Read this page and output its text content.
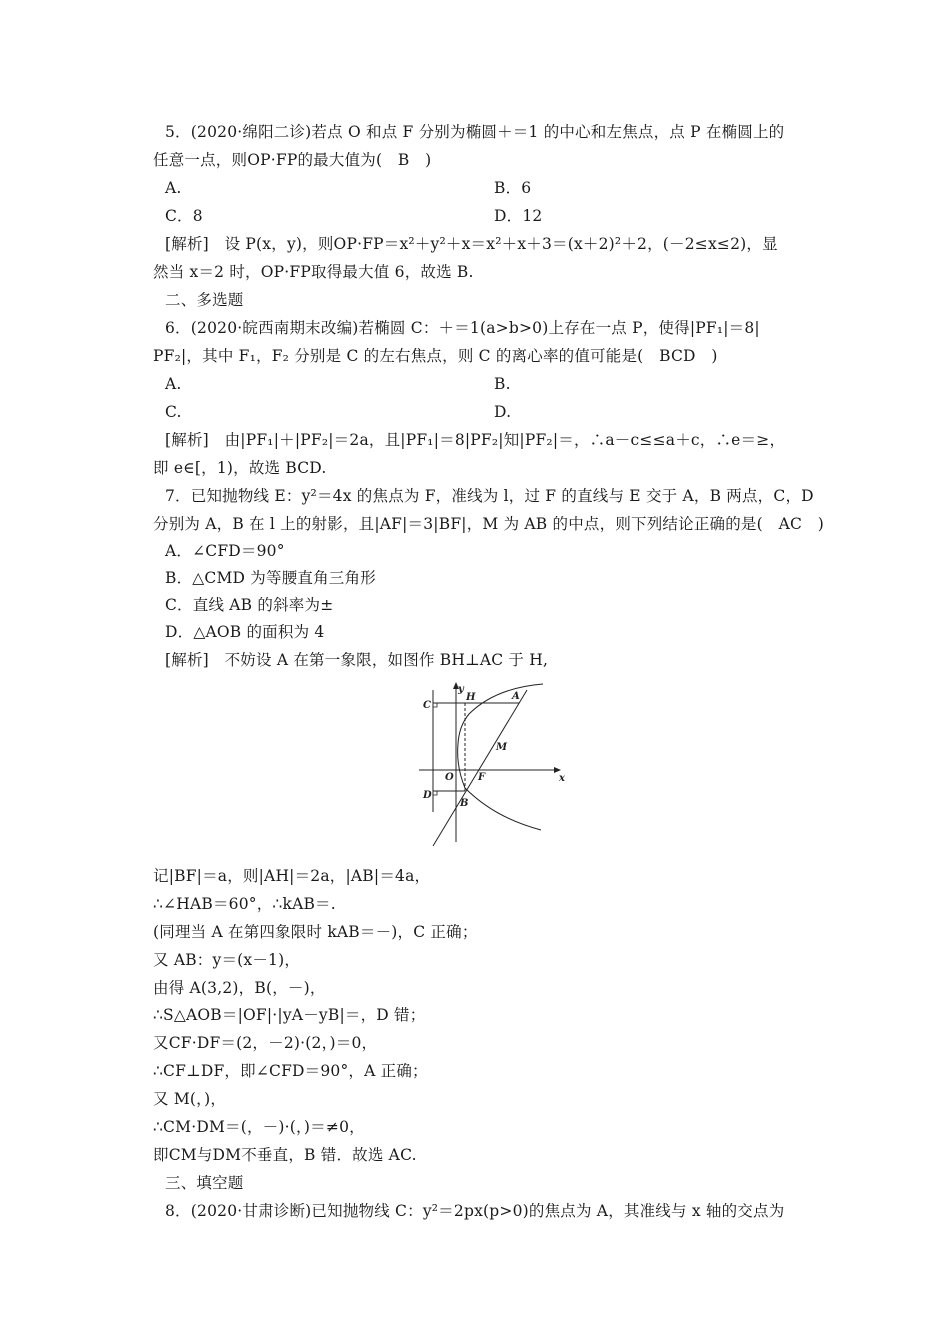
5．(2020·绵阳二诊)若点 O 和点 F 分别为椭圆＋＝1 的中心和左焦点，点 P 在椭圆上的
任意一点，则OP·FP的最大值为(　B　)
A.	B．6
C．8	D．12
[解析]　设 P(x，y)，则OP·FP＝x²＋y²＋x＝x²＋x＋3＝(x＋2)²＋2，(－2≤x≤2)，显
然当 x＝2 时，OP·FP取得最大值 6，故选 B.
二、多选题
6．(2020·皖西南期末改编)若椭圆 C：＋＝1(a>b>0)上存在一点 P，使得|PF₁|＝8|
PF₂|，其中 F₁，F₂ 分别是 C 的左右焦点，则 C 的离心率的值可能是(　BCD　)
A.	B.
C.	D.
[解析]　由|PF₁|＋|PF₂|＝2a，且|PF₁|＝8|PF₂|知|PF₂|＝，∴a－c≤≤a＋c，∴e＝≥，
即 e∈[，1)，故选 BCD.
7．已知抛物线 E：y²＝4x 的焦点为 F，准线为 l，过 F 的直线与 E 交于 A，B 两点，C，D
分别为 A，B 在 l 上的射影，且|AF|＝3|BF|，M 为 AB 的中点，则下列结论正确的是(　AC　)
A．∠CFD＝90°
B．△CMD 为等腰直角三角形
C．直线 AB 的斜率为±
D．△AOB 的面积为 4
[解析]　不妨设 A 在第一象限，如图作 BH⊥AC 于 H,
y
x
H	A
C
M
O F
D
B
记|BF|＝a，则|AH|＝2a，|AB|＝4a，
∴∠HAB＝60°，∴kAB＝.
(同理当 A 在第四象限时 kAB＝－)，C 正确；
又 AB：y＝(x－1)，
由得 A(3,2)，B(，－)，
∴S△AOB＝|OF|·|yA－yB|＝，D 错；
又CF·DF＝(2，－2)·(2，)＝0，
∴CF⊥DF，即∠CFD＝90°，A 正确；
又 M(，)，
∴CM·DM＝(，－)·(，)＝≠0，
即CM与DM不垂直，B 错．故选 AC.
三、填空题
8．(2020·甘肃诊断)已知抛物线 C：y²＝2px(p>0)的焦点为 A，其准线与 x 轴的交点为
